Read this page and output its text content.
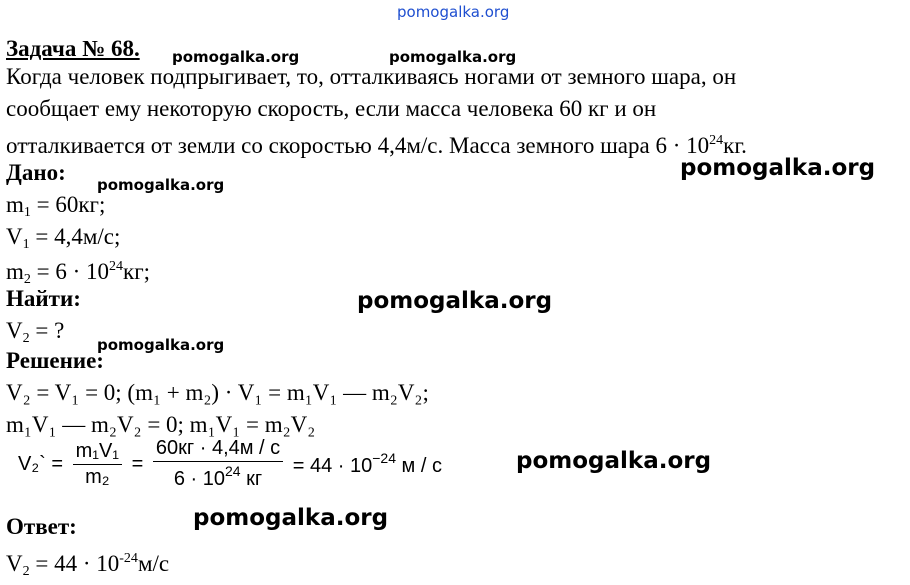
pomogalka.org
pomogalka.org	pomogalka.org
pomogalka.org
pomogalka.org
pomogalka.org
pomogalka.org
pomogalka.org
pomogalka.org
Задача № 68.
Когда человек подпрыгивает, то, отталкиваясь ногами от земного шара, он
сообщает ему некоторую скорость, если масса человека 60 кг и он
отталкивается от земли со скоростью 4,4м/с. Масса земного шара $6 \cdot 10^{24}кг$.
Дано:
$m_1 = 60кг$;
$V_1 = 4,4м/с$;
$m_2 = 6 \cdot 10^{24}кг$;
Найти:
$V_2$ = ?
Решение:
V₂ = V₁ = 0; (m₁ + m₂) · V₁ = m₁V₁ — m₂V₂;
m₁V₁ — m₂V₂ = 0; m₁V₁ = m₂V₂
V₂` = $\frac{\text{m₁V₁}}{\text{m₂}} = \frac{60кг \cdot 4,4м / с}{6 \cdot 10^{24} кг} = 44 \cdot 10^{-24}$ м / с
Ответ:
$V_2 = 44 \cdot 10^{-24}м/с$
